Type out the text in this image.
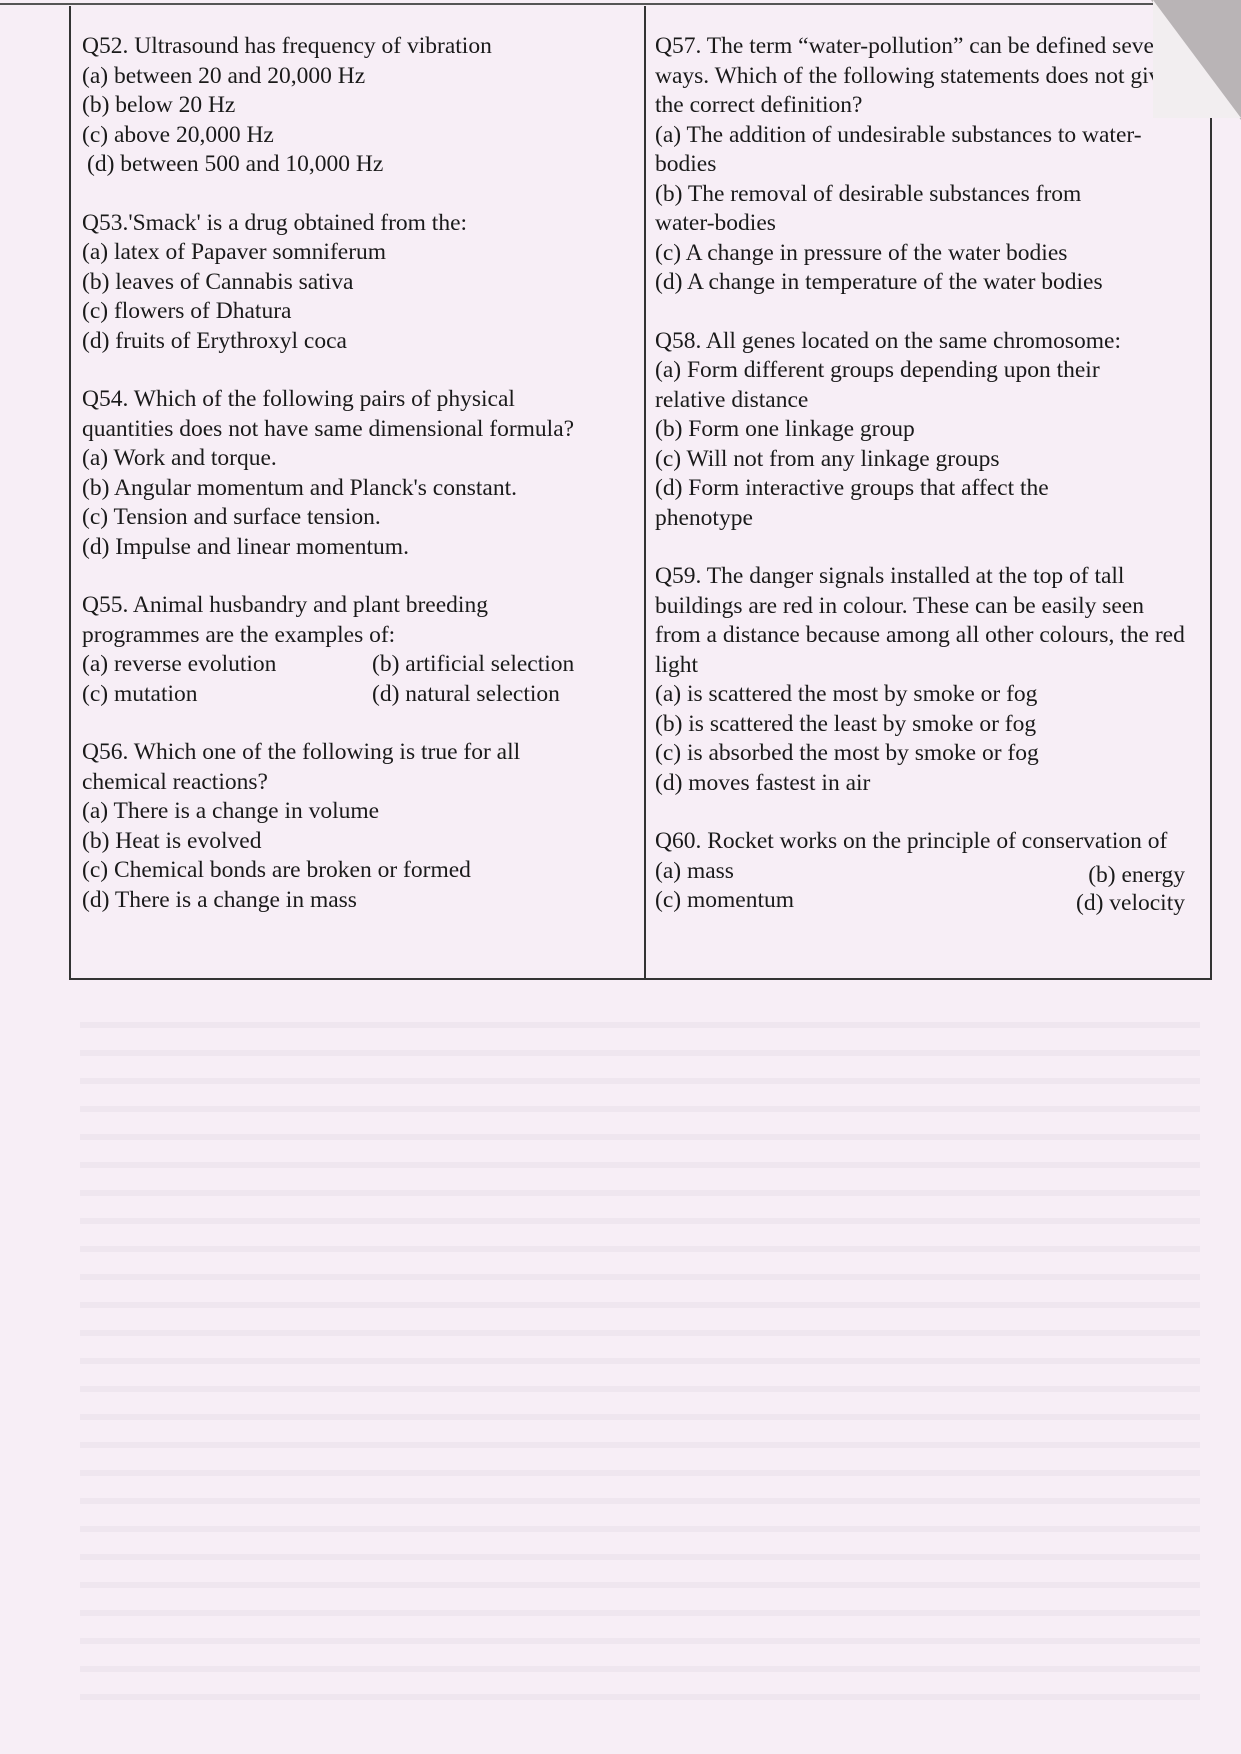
Q52. Ultrasound has frequency of vibration
(a) between 20 and 20,000 Hz
(b) below 20 Hz
(c) above 20,000 Hz
(d) between 500 and 10,000 Hz
Q53.'Smack' is a drug obtained from the:
(a) latex of Papaver somniferum
(b) leaves of Cannabis sativa
(c) flowers of Dhatura
(d) fruits of Erythroxyl coca
Q54. Which of the following pairs of physical quantities does not have same dimensional formula?
(a) Work and torque.
(b) Angular momentum and Planck's constant.
(c) Tension and surface tension.
(d) Impulse and linear momentum.
Q55. Animal husbandry and plant breeding programmes are the examples of:
(a) reverse evolution	(b) artificial selection
(c) mutation	(d) natural selection
Q56. Which one of the following is true for all chemical reactions?
(a) There is a change in volume
(b) Heat is evolved
(c) Chemical bonds are broken or formed
(d) There is a change in mass
Q57. The term “water-pollution” can be defined several ways. Which of the following statements does not give the correct definition?
(a) The addition of undesirable substances to water-bodies
(b) The removal of desirable substances from water-bodies
(c) A change in pressure of the water bodies
(d) A change in temperature of the water bodies
Q58. All genes located on the same chromosome:
(a) Form different groups depending upon their relative distance
(b) Form one linkage group
(c) Will not from any linkage groups
(d) Form interactive groups that affect the phenotype
Q59. The danger signals installed at the top of tall buildings are red in colour. These can be easily seen from a distance because among all other colours, the red light
(a) is scattered the most by smoke or fog
(b) is scattered the least by smoke or fog
(c) is absorbed the most by smoke or fog
(d) moves fastest in air
Q60. Rocket works on the principle of conservation of
(a) mass	(b) energy
(c) momentum	(d) velocity
